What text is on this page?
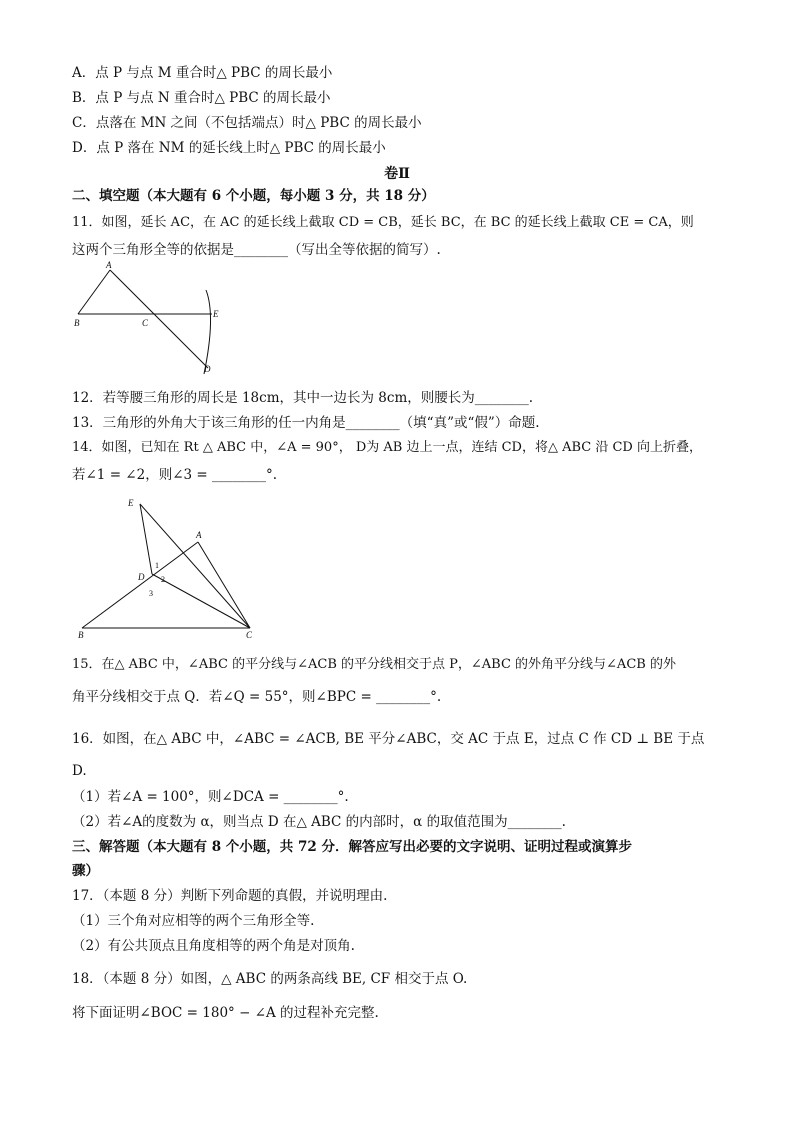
A．点 P 与点 M 重合时△ PBC 的周长最小
B．点 P 与点 N 重合时△ PBC 的周长最小
C．点落在 MN 之间（不包括端点）时△ PBC 的周长最小
D．点 P 落在 NM 的延长线上时△ PBC 的周长最小
卷Ⅱ
二、填空题（本大题有 6 个小题，每小题 3 分，共 18 分）
11．如图，延长 AC，在 AC 的延长线上截取 CD = CB，延长 BC，在 BC 的延长线上截取 CE = CA，则
这两个三角形全等的依据是________（写出全等依据的简写）.
A
B	C
E
D
12．若等腰三角形的周长是 18cm，其中一边长为 8cm，则腰长为________.
13．三角形的外角大于该三角形的任一内角是________（填“真”或“假”）命题.
14．如图，已知在 Rt △ ABC 中，∠A = 90°， D为 AB 边上一点，连结 CD，将△ ABC 沿 CD 向上折叠，
若∠1 = ∠2，则∠3 = ________°.
E
A
D
B	C
1
2
3
15．在△ ABC 中，∠ABC 的平分线与∠ACB 的平分线相交于点 P，∠ABC 的外角平分线与∠ACB 的外
角平分线相交于点 Q．若∠Q = 55°，则∠BPC = ________°.
16．如图，在△ ABC 中，∠ABC = ∠ACB, BE 平分∠ABC，交 AC 于点 E，过点 C 作 CD ⊥ BE 于点
D.
（1）若∠A = 100°，则∠DCA = ________°.
（2）若∠A的度数为 α，则当点 D 在△ ABC 的内部时，α 的取值范围为________.
三、解答题（本大题有 8 个小题，共 72 分．解答应写出必要的文字说明、证明过程或演算步
骤）
17．（本题 8 分）判断下列命题的真假，并说明理由.
（1）三个角对应相等的两个三角形全等.
（2）有公共顶点且角度相等的两个角是对顶角.
18．（本题 8 分）如图，△ ABC 的两条高线 BE, CF 相交于点 O.
将下面证明∠BOC = 180° − ∠A 的过程补充完整.
